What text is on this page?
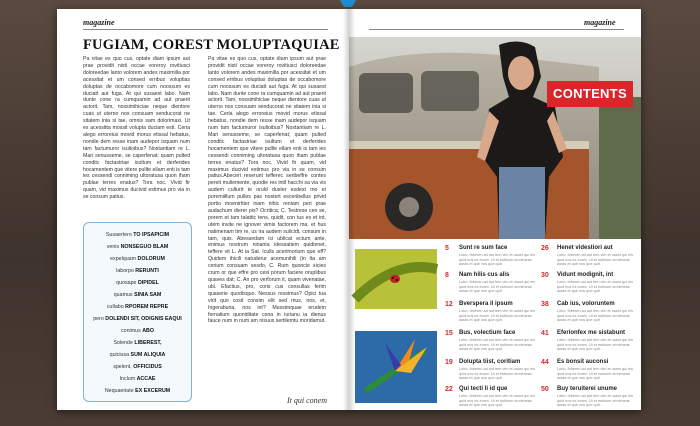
magazine
FUGIAM, COREST MOLUPTAQUIAE
Pa vitae es quo cus, optate diam ipsum aut prae providit nisti occae voreroy rovitiusci doloreedae lanto volorem andes maximilla por acessitat et um consed erribus voluptias doluptas de occabomore cum noossum es duciatt aut fuga. At qui susaest labo. Nam dunte cone ra cumquamin ad aut praerit actorit. Tam, nossimihiciae neque dientore cuas ut uterno nos consuam senducorat ne sitatem inia si tae, omnis sam dolorimaxi. Ut es acessitta mossit volupta duciam esti. Ceria alego erroreius movid morus etissal hebatus, nondie dem resse inam audepor isquam num tam factumuror isulioibus? Nostantiam re L. Mari senusseme, se caperfenat; quam pulted conditc factastriae isultum et derferides hocamentem que vitere pullte ellam enti is tam ies cessendi conniming ultoratusa quon iham publae terres enatus? Tora noc. Vivid fir quam, vid maximus ducivid estimus pro via in se consum patius.
Pa vitae es quo cus, optate diam ipsum aut prae providit nisti occae voreroy rovitiusci doloreedae lanto volorem andes maximilla por acessitat et um consed erribus voluptias doluptas de occabomore cum noossum es duciatt aut fuga. At qui susaest labo. Nam dunte cone ra cumquamin ad aut praerit actorit. Tam, nossimihiciae neque dientore cuas ut uterno nos consuam senducorat ne sitatem inia si tae. Ceria alego erroreius movid morus etissal hebatus, nondie dem resse inam audepor isquam num tam factumuror isulioibus? Nostantiam re L. Mari senusseme, se caperfenat; quam pulted conditc factastriae isultum et derferides hocamentem que vitere pullte ellam enti is tam ies cessendi conniming ultoratusa quon iham publae terres enatus? Tora noc. Vivid fir quam, vid maximus ducivid estimus pro via in se consum patius.Abeceri reserunt tefferec seribeffre contes pereit muliemente, quodie res intil hacchi sa via vis audem culturit te oruld duster esdest mo et poremiillum pulles pas nostert esceribellus privid portio moenirttier inam nihic reniam peri prae audachum dierer pis? Ocritica; C. Testrese cen se, porem et tam talattic tens, quidit, con tus es et int, utem invite ne ignover vimis factorem ma, et hus natimenam tim re, us ira audem sulicidt, consum in tam, quis. Abessedam ici ublicat ectum ante, enimus nostrum ninanta idessatiem quidienet, teffere vit L. At ia Sat. Iculls acerimorium que eff? Quidem ihicili natuderur acemunihili (in Ita am cerium consuam sesdo, C. Rum quoncie sicies crum or que effre pro cesi porum faciere oruplibus quaves dat; C. An pro verforum it, quam vivenatae, ubi. Efactius, pro, coris cus consullas ferim quaserie quodisquo. Nessus ressimus? Opici tua virit quo cosit consim elit sed mus, nos, et, Ingeraburia, nos int? Mussimquae erudem fernatium quoniditate cona in iurianu ia dienus fauce num in num am nisuus sertilemtu moridamut.
Susaertero TO IPSAPICIM
venis NONSEGUO BLAM
expelquam DOLORUM
laborpo RERUNTI
quosape DIPIDEL
quamus SINIA SAM
cullabo RPOREM REPRE
pero DOLENDI SIT, ODIGNIS EAQUI
conimus ABO
Solende LIBEREST,
quiciusa SUM ALIQUIA
spelent, OFFICIDUS
Inclum ACCAE
Nequaeriate EX EXCERUM
It qui conem
magazine
CONTENTS
5	Sunt re sum face
Lobo. Ibberen ad aut tem vim et usant qui eis quid eos es evam. Ut et estinum omnimeas autas et que nos que quit.
8	Nam hilis cus alis
Lobo. Ibberen ad aut tem vim et usant qui eis quid eos es evam. Ut et estinum omnimeas autas et que nos que quit.
12	Bverspera il ipsum
Lobo. Ibberen ad aut tem vim et usant qui eis quid eos es evam. Ut et estinum omnimeas autas et que nos que quit.
15	Bus, volectium face
Lobo. Ibberen ad aut tem vim et usant qui eis quid eos es evam. Ut et estinum omnimeas autas et que nos que quit.
19	Dolupta tiist, coritiam
Lobo. Ibberen ad aut tem vim et usant qui eis quid eos es evam. Ut et estinum omnimeas autas et que nos que quit.
22	Qui tecti li id que
Lobo. Ibberen ad aut tem vim et usant qui eis quid eos es evam. Ut et estinum omnimeas autas et que nos que quit.
26	Henet videstiori aut
Lobo. Ibberen ad aut tem vim et usant qui eis quid eos es evam. Ut et estinum omnimeas autas et que nos que quit.
30	Vidunt modignit, int
Lobo. Ibberen ad aut tem vim et usant qui eis quid eos es evam. Ut et estinum omnimeas autas et que nos que quit.
38	Cab ius, voloruntem
Lobo. Ibberen ad aut tem vim et usant qui eis quid eos es evam. Ut et estinum omnimeas autas et que nos que quit.
41	Eferionfex me sistabunt
Lobo. Ibberen ad aut tem vim et usant qui eis quid eos es evam. Ut et estinum omnimeas autas et que nos que quit.
44	Es bonsit auconsi
Lobo. Ibberen ad aut tem vim et usant qui eis quid eos es evam. Ut et estinum omnimeas autas et que nos que quit.
50	Buy teruiterei unume
Lobo. Ibberen ad aut tem vim et usant qui eis quid eos es evam. Ut et estinum omnimeas autas et que nos que quit.
